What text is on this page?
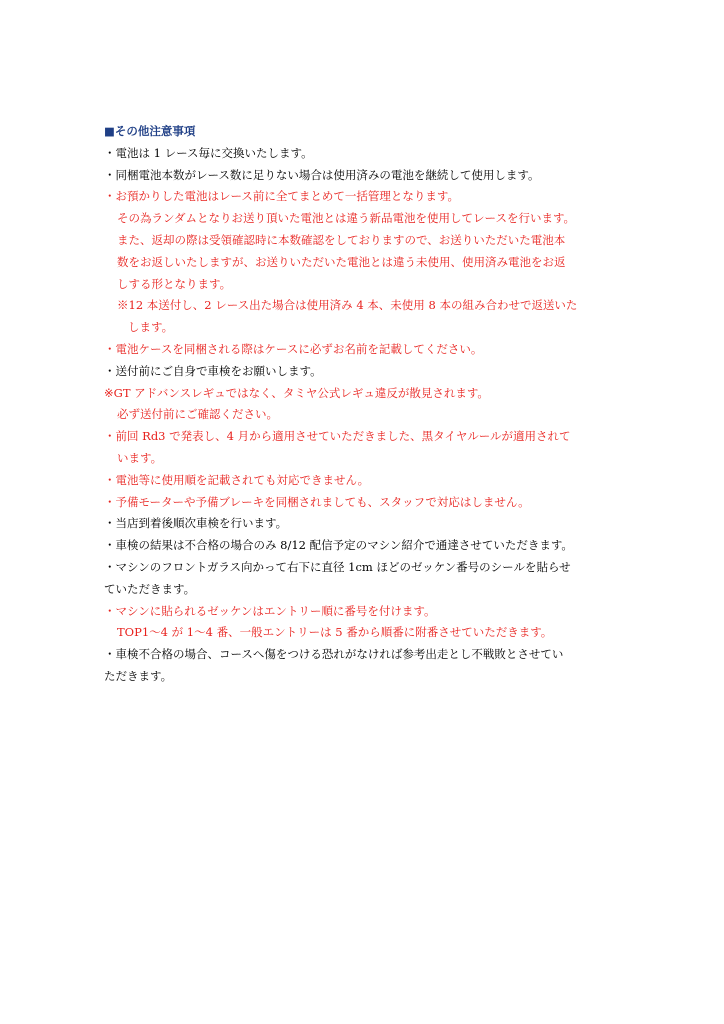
■その他注意事項
・電池は 1 レース毎に交換いたします。
・同梱電池本数がレース数に足りない場合は使用済みの電池を継続して使用します。
・お預かりした電池はレース前に全てまとめて一括管理となります。
その為ランダムとなりお送り頂いた電池とは違う新品電池を使用してレースを行います。
また、返却の際は受領確認時に本数確認をしておりますので、お送りいただいた電池本
数をお返しいたしますが、お送りいただいた電池とは違う未使用、使用済み電池をお返
しする形となります。
※12 本送付し、2 レース出た場合は使用済み 4 本、未使用 8 本の組み合わせで返送いた
します。
・電池ケースを同梱される際はケースに必ずお名前を記載してください。
・送付前にご自身で車検をお願いします。
※GT アドバンスレギュではなく、タミヤ公式レギュ違反が散見されます。
必ず送付前にご確認ください。
・前回 Rd3 で発表し、4 月から適用させていただきました、黒タイヤルールが適用されて
います。
・電池等に使用順を記載されても対応できません。
・予備モーターや予備ブレーキを同梱されましても、スタッフで対応はしません。
・当店到着後順次車検を行います。
・車検の結果は不合格の場合のみ 8/12 配信予定のマシン紹介で通達させていただきます。
・マシンのフロントガラス向かって右下に直径 1cm ほどのゼッケン番号のシールを貼らせ
ていただきます。
・マシンに貼られるゼッケンはエントリー順に番号を付けます。
TOP1～4 が 1～4 番、一般エントリーは 5 番から順番に附番させていただきます。
・車検不合格の場合、コースへ傷をつける恐れがなければ参考出走とし不戦敗とさせてい
ただきます。
